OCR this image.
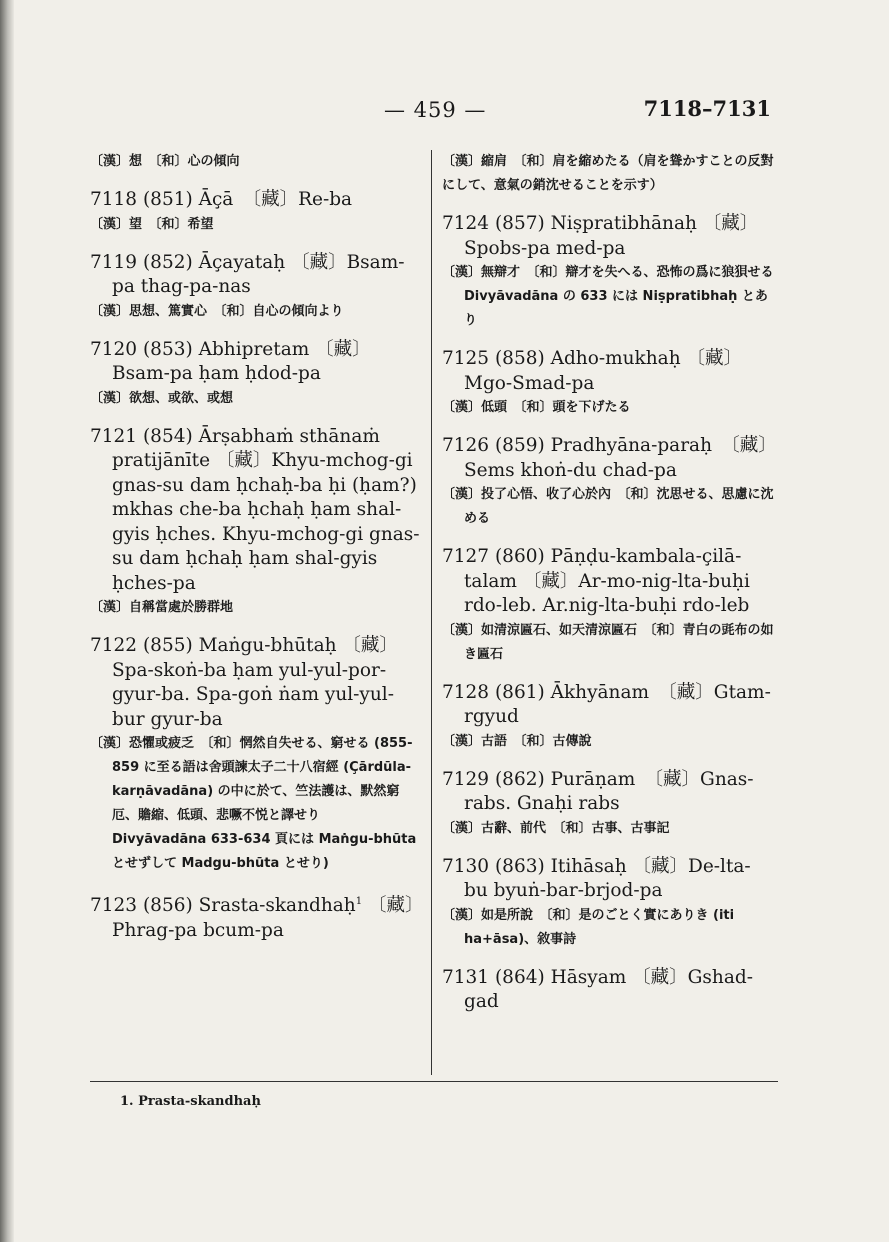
— 459 —	7118–7131

〔漢〕想　〔和〕心の傾向

7118 (851) Āçā　〔藏〕Re-ba

〔漢〕望　〔和〕希望

7119 (852) Āçayataḥ 〔藏〕Bsam-pa thag-pa-nas

〔漢〕思想、篤實心　〔和〕自心の傾向より

7120 (853) Abhipretam 〔藏〕Bsam-pa ḥam ḥdod-pa

〔漢〕欲想、或欲、或想

7121 (854) Ārṣabhaṁ sthānaṁ pratijānīte 〔藏〕Khyu-mchog-gi gnas-su dam ḥchaḥ-ba ḥi (ḥam?) mkhas che-ba ḥchaḥ ḥam shal-gyis ḥches. Khyu-mchog-gi gnas-su dam ḥchaḥ ḥam shal-gyis ḥches-pa

〔漢〕自稱當處於勝群地

7122 (855) Maṅgu-bhūtaḥ 〔藏〕Spa-skoṅ-ba ḥam yul-yul-por-gyur-ba. Spa-goṅ ṅam yul-yul-bur gyur-ba

〔漢〕恐懼或疲乏　〔和〕惘然自失せる、窮せる (855-859 に至る語は舍頭諫太子二十八宿經 (Çārdūla-karṇāvadāna) の中に於て、竺法護は、默然窮厄、贍縮、低頭、悲噘不悦と譯せり　Divyāvadāna 633-634 頁には Maṅgu-bhūta とせずして Madgu-bhūta とせり)

7123 (856) Srasta-skandhaḥ$^1$ 〔藏〕Phrag-pa bcum-pa

〔漢〕縮肩　〔和〕肩を縮めたる（肩を聳かすことの反對にして、意氣の銷沈せることを示す）

7124 (857) Niṣpratibhānaḥ 〔藏〕Spobs-pa med-pa

〔漢〕無辯才　〔和〕辯才を失へる、恐怖の爲に狼狽せる　Divyāvadāna の 633 には Niṣpratibhaḥ とあり

7125 (858) Adho-mukhaḥ 〔藏〕Mgo-Smad-pa

〔漢〕低頭　〔和〕頭を下げたる

7126 (859) Pradhyāna-paraḥ　〔藏〕Sems khoṅ-du chad-pa

〔漢〕投了心悟、收了心於內　〔和〕沈思せる、思慮に沈める

7127 (860) Pāṇḍu-kambala-çilā-talam 〔藏〕Ar-mo-nig-lta-buḥi rdo-leb. Ar.nig-lta-buḥi rdo-leb

〔漢〕如清涼匾石、如天清涼匾石　〔和〕青白の毭布の如き匾石

7128 (861) Ākhyānam　〔藏〕Gtam-rgyud

〔漢〕古語　〔和〕古傳說

7129 (862) Purāṇam　〔藏〕Gnas-rabs. Gnaḥi rabs

〔漢〕古辭、前代　〔和〕古事、古事記

7130 (863) Itihāsaḥ 〔藏〕De-lta-bu byuṅ-bar-brjod-pa

〔漢〕如是所說　〔和〕是のごとく實にありき (iti ha+āsa)、敘事詩

7131 (864) Hāsyam 〔藏〕Gshad-gad

1. Prasta-skandhaḥ
